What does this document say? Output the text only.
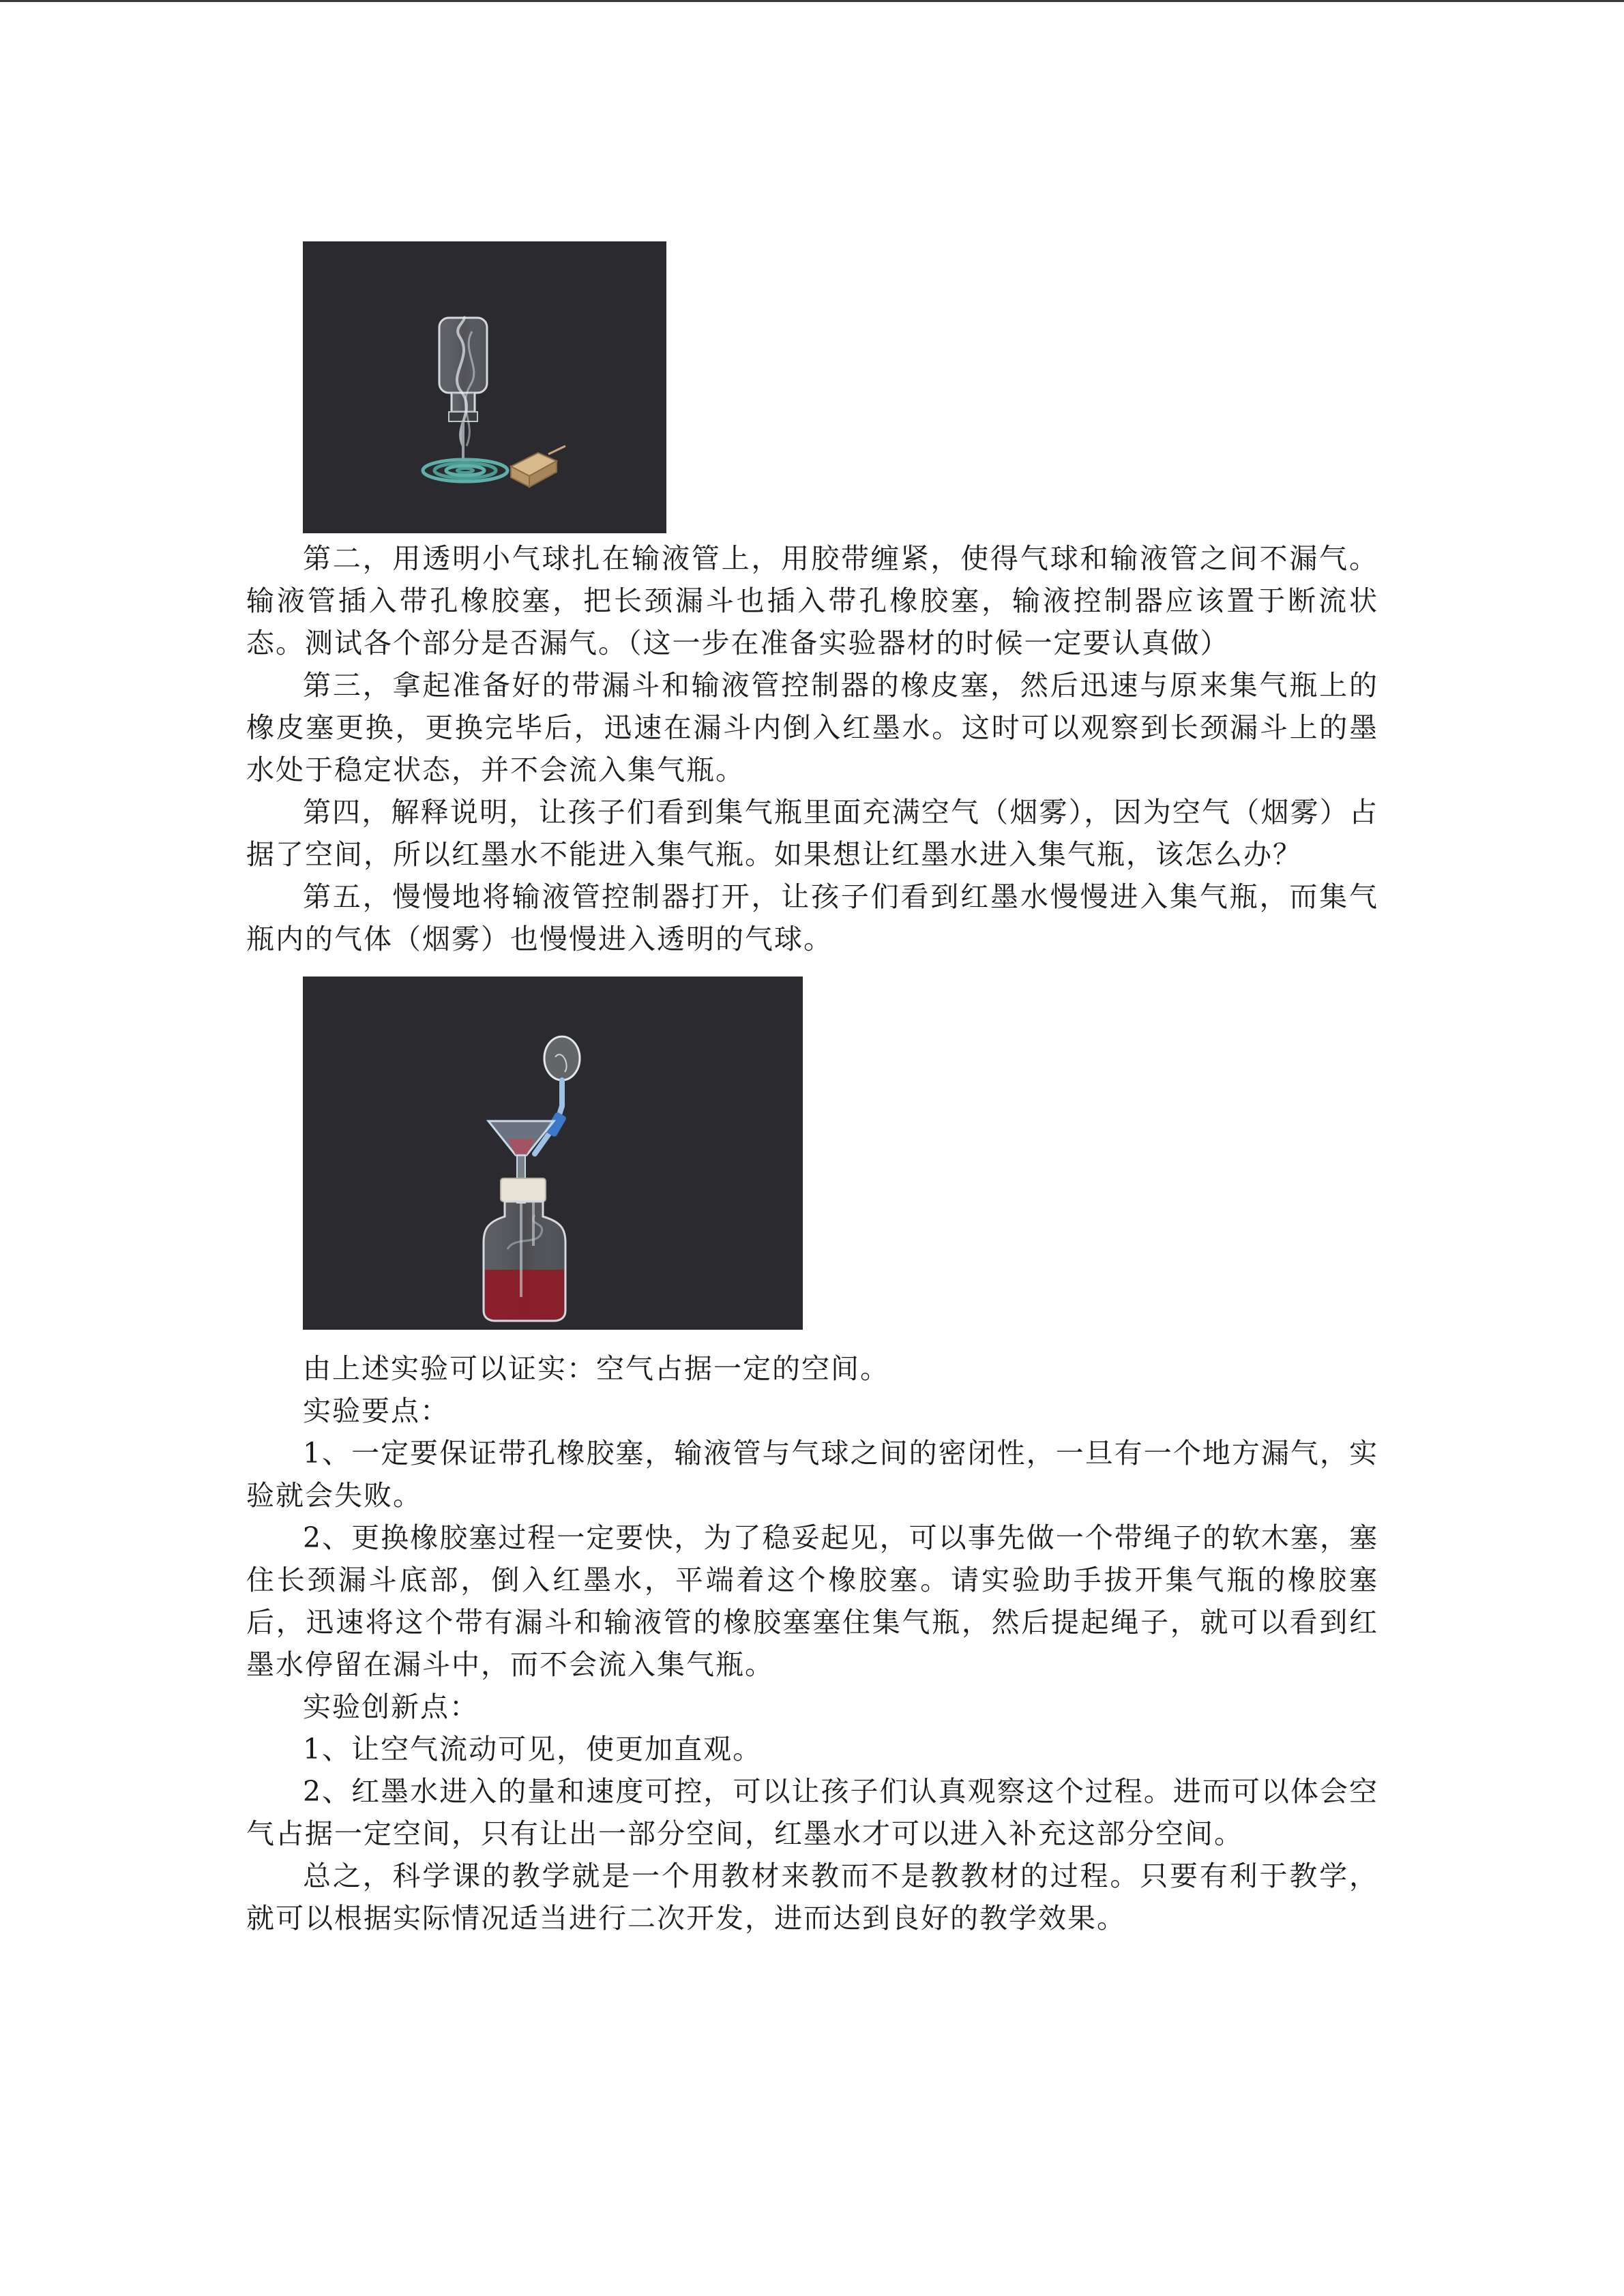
第二，用透明小气球扎在输液管上，用胶带缠紧，使得气球和输液管之间不漏气。输液管插入带孔橡胶塞，把长颈漏斗也插入带孔橡胶塞，输液控制器应该置于断流状态。测试各个部分是否漏气。（这一步在准备实验器材的时候一定要认真做）

第三，拿起准备好的带漏斗和输液管控制器的橡皮塞，然后迅速与原来集气瓶上的橡皮塞更换，更换完毕后，迅速在漏斗内倒入红墨水。这时可以观察到长颈漏斗上的墨水处于稳定状态，并不会流入集气瓶。

第四，解释说明，让孩子们看到集气瓶里面充满空气（烟雾），因为空气（烟雾）占据了空间，所以红墨水不能进入集气瓶。如果想让红墨水进入集气瓶，该怎么办？

第五，慢慢地将输液管控制器打开，让孩子们看到红墨水慢慢进入集气瓶，而集气瓶内的气体（烟雾）也慢慢进入透明的气球。

由上述实验可以证实：空气占据一定的空间。

实验要点：

1、一定要保证带孔橡胶塞，输液管与气球之间的密闭性，一旦有一个地方漏气，实验就会失败。

2、更换橡胶塞过程一定要快，为了稳妥起见，可以事先做一个带绳子的软木塞，塞住长颈漏斗底部，倒入红墨水，平端着这个橡胶塞。请实验助手拔开集气瓶的橡胶塞后，迅速将这个带有漏斗和输液管的橡胶塞塞住集气瓶，然后提起绳子，就可以看到红墨水停留在漏斗中，而不会流入集气瓶。

实验创新点：

1、让空气流动可见，使更加直观。

2、红墨水进入的量和速度可控，可以让孩子们认真观察这个过程。进而可以体会空气占据一定空间，只有让出一部分空间，红墨水才可以进入补充这部分空间。

总之，科学课的教学就是一个用教材来教而不是教教材的过程。只要有利于教学，就可以根据实际情况适当进行二次开发，进而达到良好的教学效果。
